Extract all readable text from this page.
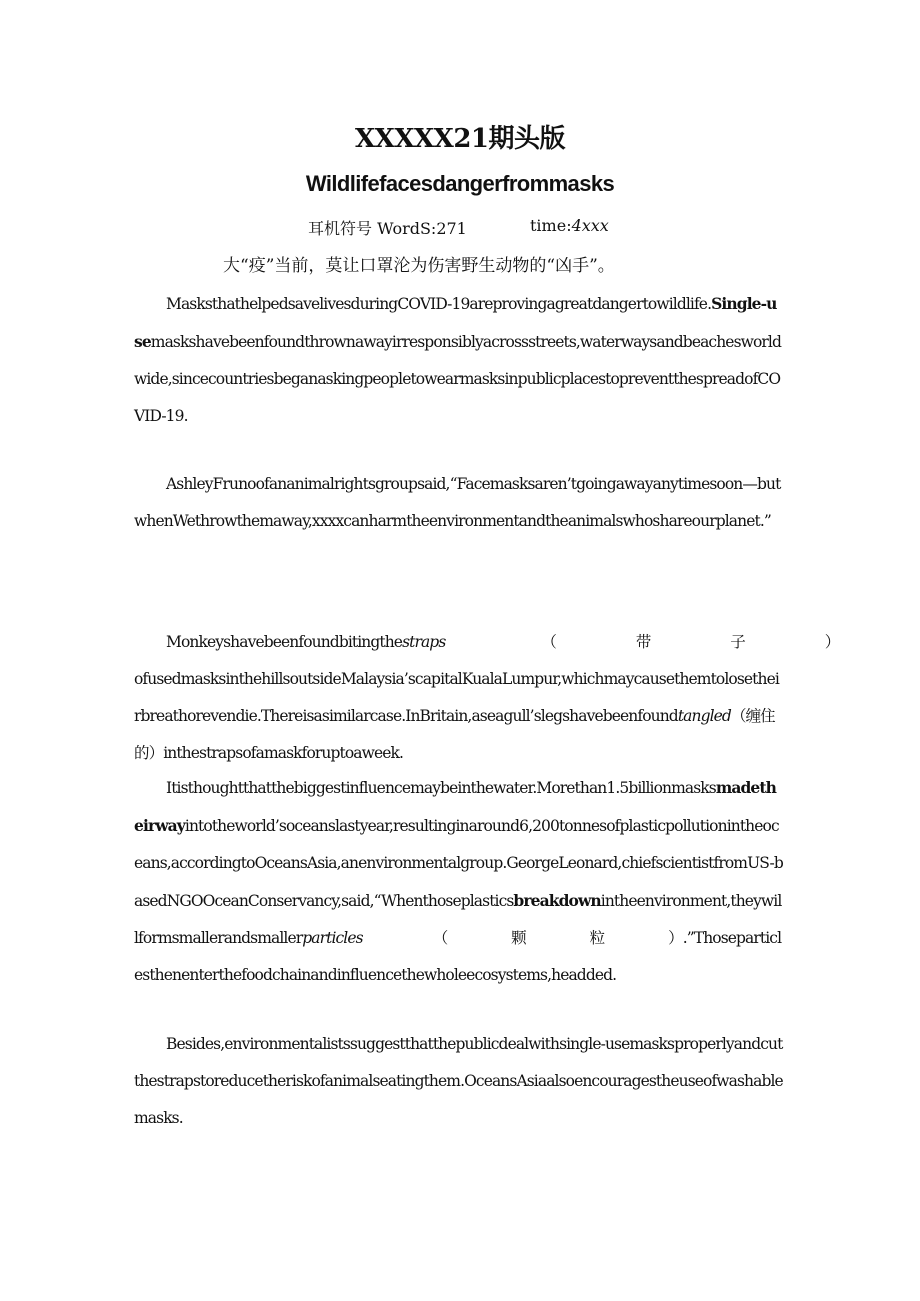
XXXXX21期头版
Wildlifefacesdangerfrommasks
耳机符号 WordS:271	time:4xxx
大“疫”当前，莫让口罩沦为伤害野生动物的“凶手”。

MasksthathelpedsavelivesduringCOVID-19areprovingagreatdangertowildlife.Single-usemaskshavebeenfoundthrownawayirresponsiblyacrossstreets,waterwaysandbeachesworldwide,sincecountriesbeganaskingpeopletowearmasksinpublicplacestopreventthespreadofCOVID-19.

AshleyFrunoofananimalrightsgroupsaid,“Facemasksaren’tgoingawayanytimesoon—butwhenWethrowthemaway,xxxxcanharmtheenvironmentandtheanimalswhoshareourplanet.”

Monkeyshavebeenfoundbitingthestraps	（	带	子	）

ofusedmasksinthehillsoutsideMalaysia’scapitalKualaLumpur,whichmaycausethemtolosetheirbreathorevendie.Thereisasimilarcase.InBritain,aseagull’slegshavebeenfoundtangled（缠住的）inthestrapsofamaskforuptoaweek.

Itisthoughtthatthebiggestinfluencemaybeinthewater.Morethan1.5billionmasksmadetheirwayintotheworld’soceanslastyear,resultinginaround6,200tonnesofplasticpollutionintheoceans,accordingtoOceansAsia,anenvironmentalgroup.GeorgeLeonard,chiefscientistfromUS-basedNGOOceanConservancy,said,“Whenthoseplasticsbreakdownintheenvironment,theywillformsmallerandsmallerparticles	（	颗	粒	） .”Thoseparticlesthenenterthefoodchainandinfluencethewholeecosystems,headded.

Besides,environmentalistssuggestthatthepublicdealwithsingle-usemasksproperlyandcutthestrapstoreducetheriskofanimalseatingthem.OceansAsiaalsoencouragestheuseofwashablemasks.
